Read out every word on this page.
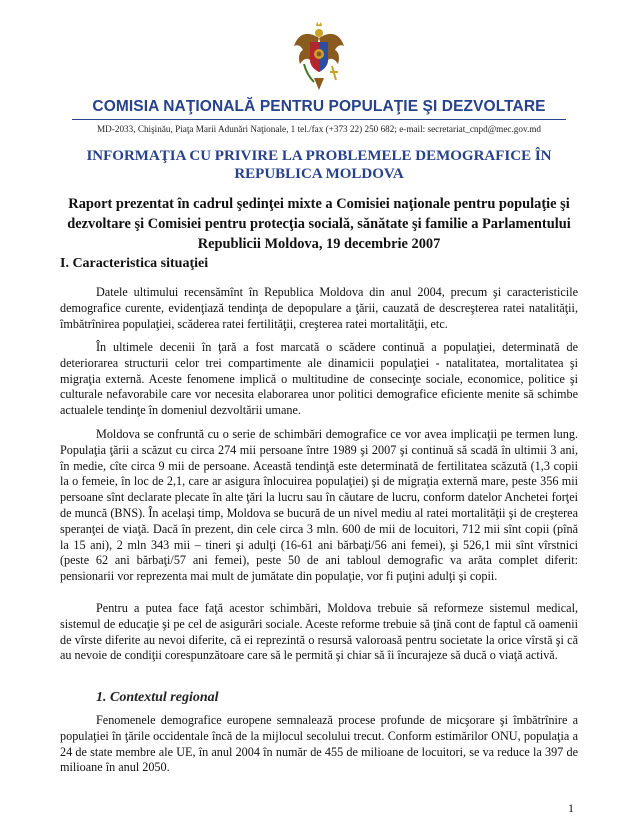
COMISIA NAŢIONALĂ PENTRU POPULAŢIE ŞI DEZVOLTARE
MD-2033, Chişinău, Piaţa Marii Adunări Naţionale, 1 tel./fax (+373 22) 250 682; e-mail: secretariat_cnpd@mec.gov.md
INFORMAŢIA CU PRIVIRE LA PROBLEMELE DEMOGRAFICE ÎN REPUBLICA MOLDOVA
Raport prezentat în cadrul şedinţei mixte a Comisiei naţionale pentru populaţie şi dezvoltare şi Comisiei pentru protecţia socială, sănătate şi familie a Parlamentului Republicii Moldova, 19 decembrie 2007
I. Caracteristica situaţiei

Datele ultimului recensămînt în Republica Moldova din anul 2004, precum şi caracteristicile demografice curente, evidenţiază tendinţa de depopulare a ţării, cauzată de descreşterea ratei natalităţii, îmbătrînirea populaţiei, scăderea ratei fertilităţii, creşterea ratei mortalităţii, etc.

În ultimele decenii în ţară a fost marcată o scădere continuă a populaţiei, determinată de deteriorarea structurii celor trei compartimente ale dinamicii populaţiei - natalitatea, mortalitatea şi migraţia externă. Aceste fenomene implică o multitudine de consecinţe sociale, economice, politice şi culturale nefavorabile care vor necesita elaborarea unor politici demografice eficiente menite să schimbe actualele tendinţe în domeniul dezvoltării umane.

Moldova se confruntă cu o serie de schimbări demografice ce vor avea implicaţii pe termen lung. Populaţia ţării a scăzut cu circa 274 mii persoane între 1989 şi 2007 şi continuă să scadă în ultimii 3 ani, în medie, cîte circa 9 mii de persoane. Această tendinţă este determinată de fertilitatea scăzută (1,3 copii la o femeie, în loc de 2,1, care ar asigura înlocuirea populaţiei) şi de migraţia externă mare, peste 356 mii persoane sînt declarate plecate în alte ţări la lucru sau în căutare de lucru, conform datelor Anchetei forţei de muncă (BNS). În acelaşi timp, Moldova se bucură de un nivel mediu al ratei mortalităţii şi de creşterea speranţei de viaţă. Dacă în prezent, din cele circa 3 mln. 600 de mii de locuitori, 712 mii sînt copii (pînă la 15 ani), 2 mln 343 mii – tineri şi adulţi (16-61 ani bărbaţi/56 ani femei), şi 526,1 mii sînt vîrstnici (peste 62 ani bărbaţi/57 ani femei), peste 50 de ani tabloul demografic va arăta complet diferit: pensionarii vor reprezenta mai mult de jumătate din populaţie, vor fi puţini adulţi şi copii.

Pentru a putea face faţă acestor schimbări, Moldova trebuie să reformeze sistemul medical, sistemul de educaţie şi pe cel de asigurări sociale. Aceste reforme trebuie să ţină cont de faptul că oamenii de vîrste diferite au nevoi diferite, că ei reprezintă o resursă valoroasă pentru societate la orice vîrstă şi că au nevoie de condiţii corespunzătoare care să le permită şi chiar să îi încurajeze să ducă o viaţă activă.

1. Contextul regional

Fenomenele demografice europene semnalează procese profunde de micşorare şi îmbătrînire a populaţiei în ţările occidentale încă de la mijlocul secolului trecut. Conform estimărilor ONU, populaţia a 24 de state membre ale UE, în anul 2004 în număr de 455 de milioane de locuitori, se va reduce la 397 de milioane în anul 2050.

1
